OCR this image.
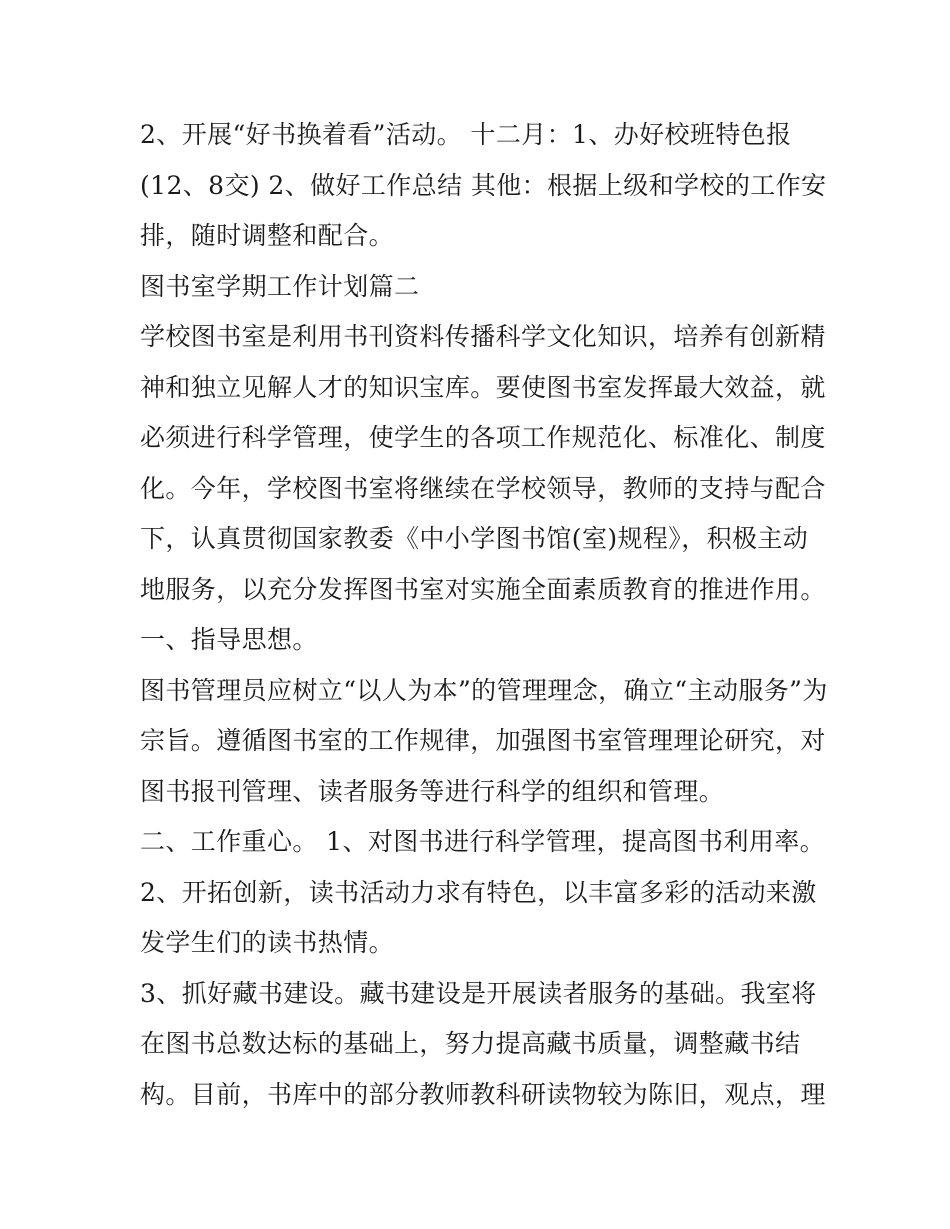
2、开展“好书换着看”活动。 十二月：1、办好校班特色报
(12、8交) 2、做好工作总结 其他：根据上级和学校的工作安
排，随时调整和配合。
图书室学期工作计划篇二
学校图书室是利用书刊资料传播科学文化知识，培养有创新精
神和独立见解人才的知识宝库。要使图书室发挥最大效益，就
必须进行科学管理，使学生的各项工作规范化、标准化、制度
化。今年，学校图书室将继续在学校领导，教师的支持与配合
下，认真贯彻国家教委《中小学图书馆(室)规程》，积极主动
地服务，以充分发挥图书室对实施全面素质教育的推进作用。
一、指导思想。
图书管理员应树立“以人为本”的管理理念，确立“主动服务”为
宗旨。遵循图书室的工作规律，加强图书室管理理论研究，对
图书报刊管理、读者服务等进行科学的组织和管理。
二、工作重心。 1、对图书进行科学管理，提高图书利用率。
2、开拓创新，读书活动力求有特色，以丰富多彩的活动来激
发学生们的读书热情。
3、抓好藏书建设。藏书建设是开展读者服务的基础。我室将
在图书总数达标的基础上，努力提高藏书质量，调整藏书结
构。目前，书库中的部分教师教科研读物较为陈旧，观点，理
